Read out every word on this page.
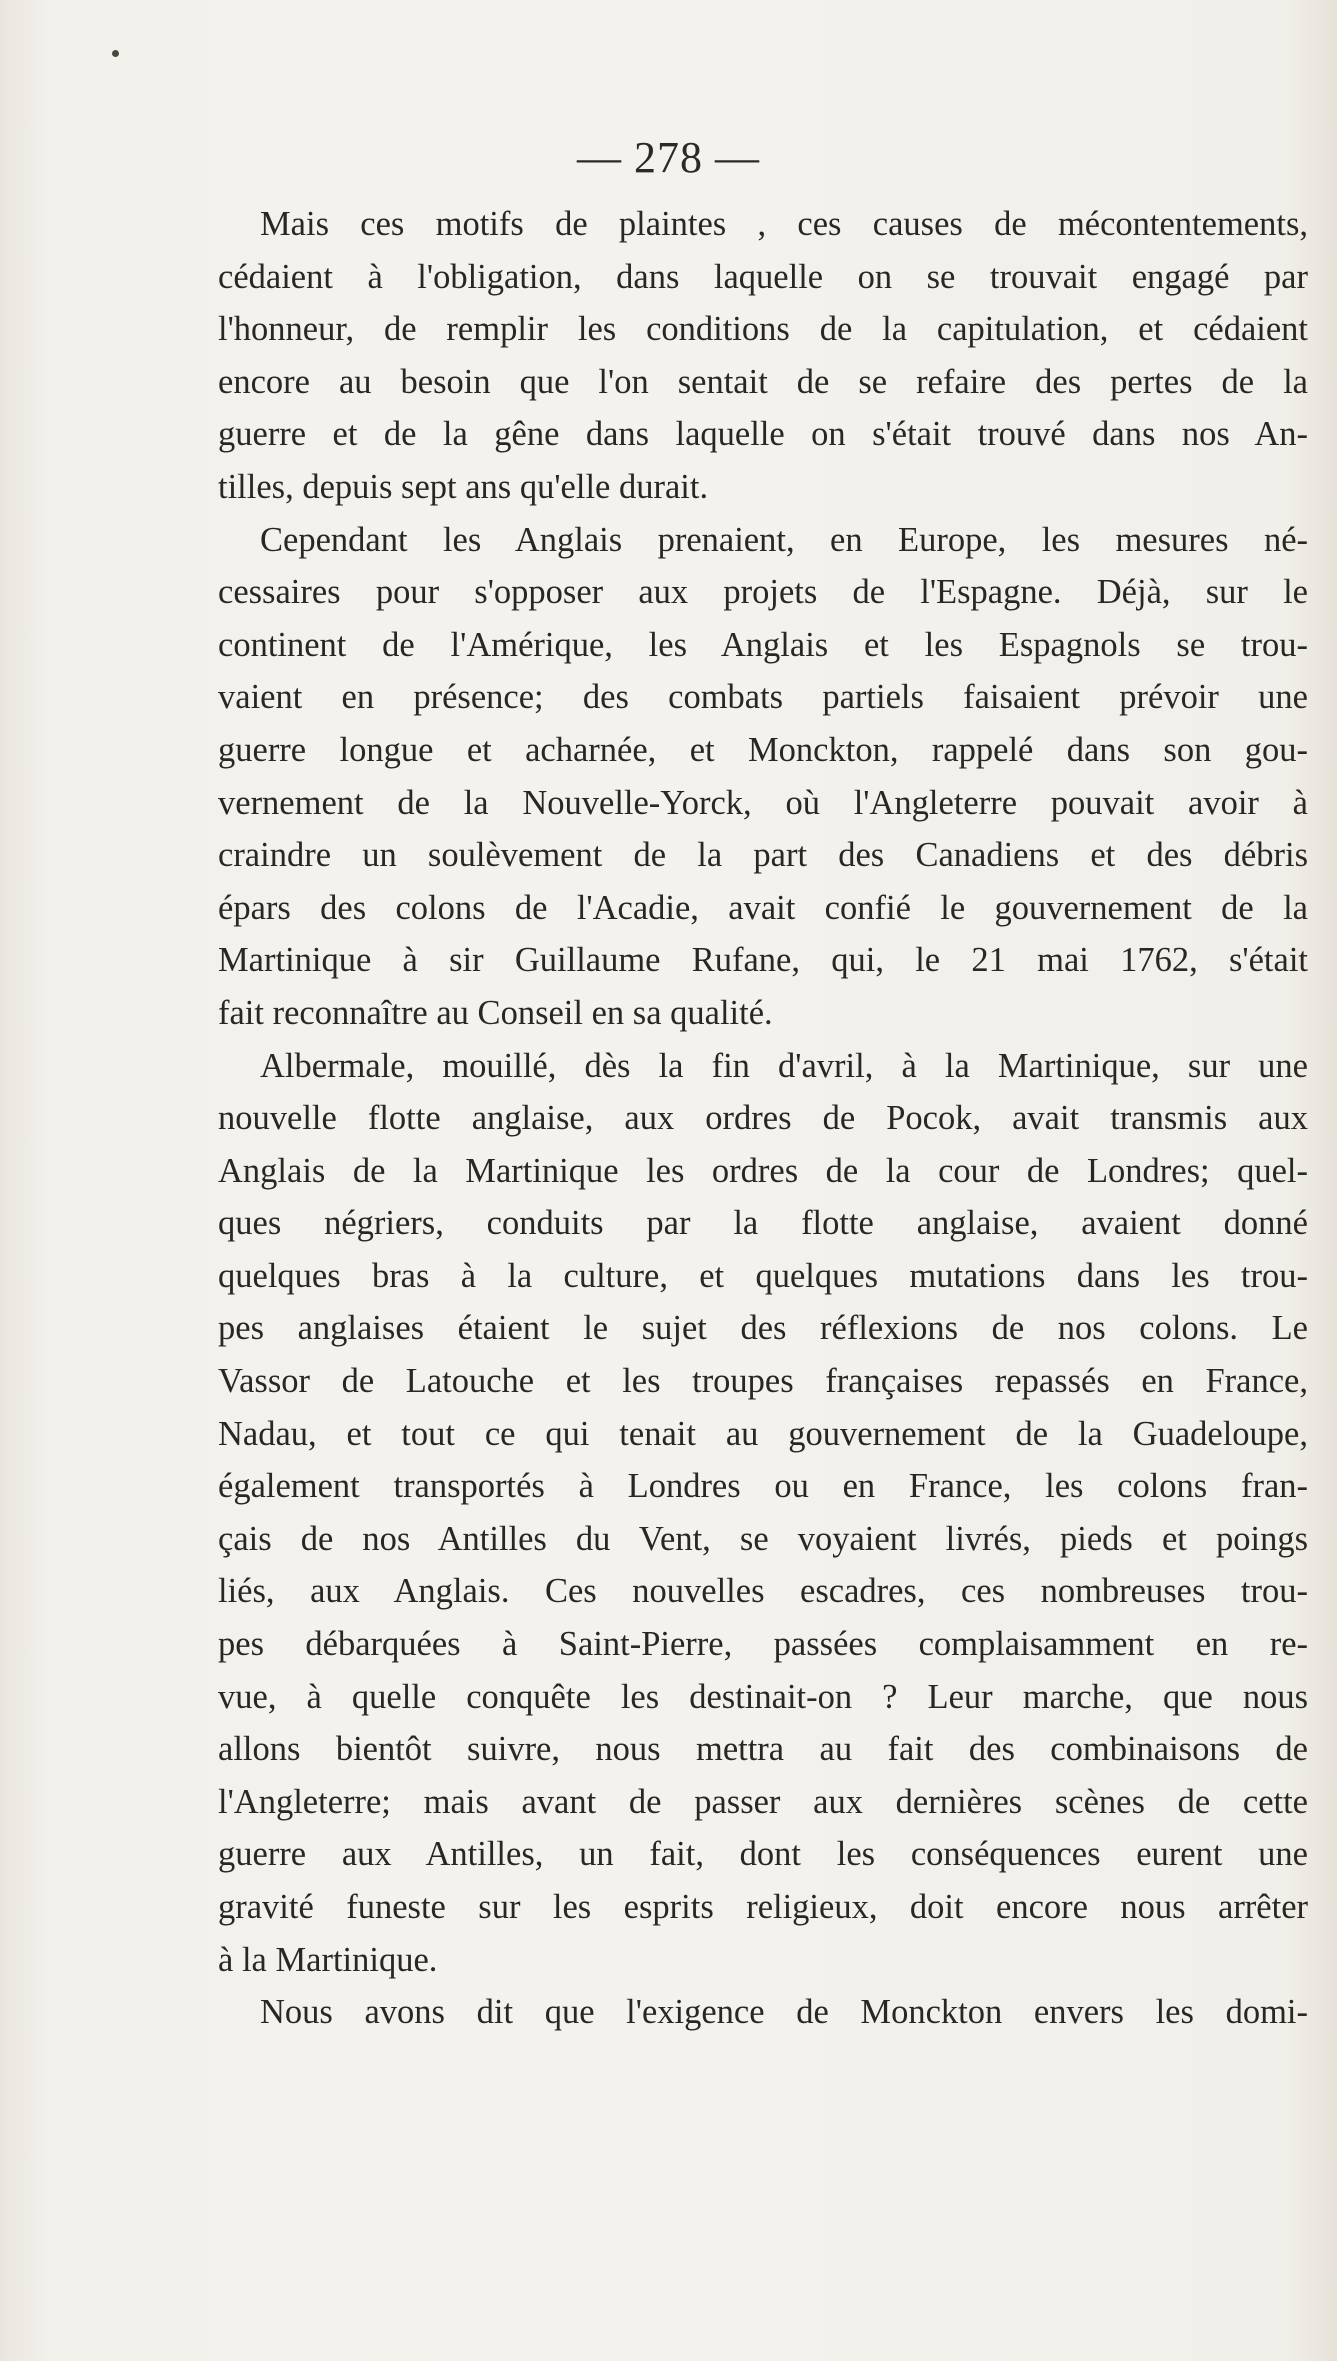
— 278 —
Mais ces motifs de plaintes , ces causes de mécontentements,
cédaient à l'obligation, dans laquelle on se trouvait engagé par
l'honneur, de remplir les conditions de la capitulation, et cédaient
encore au besoin que l'on sentait de se refaire des pertes de la
guerre et de la gêne dans laquelle on s'était trouvé dans nos An-
tilles, depuis sept ans qu'elle durait.
Cependant les Anglais prenaient, en Europe, les mesures né-
cessaires pour s'opposer aux projets de l'Espagne. Déjà, sur le
continent de l'Amérique, les Anglais et les Espagnols se trou-
vaient en présence; des combats partiels faisaient prévoir une
guerre longue et acharnée, et Monckton, rappelé dans son gou-
vernement de la Nouvelle-Yorck, où l'Angleterre pouvait avoir à
craindre un soulèvement de la part des Canadiens et des débris
épars des colons de l'Acadie, avait confié le gouvernement de la
Martinique à sir Guillaume Rufane, qui, le 21 mai 1762, s'était
fait reconnaître au Conseil en sa qualité.
Albermale, mouillé, dès la fin d'avril, à la Martinique, sur une
nouvelle flotte anglaise, aux ordres de Pocok, avait transmis aux
Anglais de la Martinique les ordres de la cour de Londres; quel-
ques négriers, conduits par la flotte anglaise, avaient donné
quelques bras à la culture, et quelques mutations dans les trou-
pes anglaises étaient le sujet des réflexions de nos colons. Le
Vassor de Latouche et les troupes françaises repassés en France,
Nadau, et tout ce qui tenait au gouvernement de la Guadeloupe,
également transportés à Londres ou en France, les colons fran-
çais de nos Antilles du Vent, se voyaient livrés, pieds et poings
liés, aux Anglais. Ces nouvelles escadres, ces nombreuses trou-
pes débarquées à Saint-Pierre, passées complaisamment en re-
vue, à quelle conquête les destinait-on ? Leur marche, que nous
allons bientôt suivre, nous mettra au fait des combinaisons de
l'Angleterre; mais avant de passer aux dernières scènes de cette
guerre aux Antilles, un fait, dont les conséquences eurent une
gravité funeste sur les esprits religieux, doit encore nous arrêter
à la Martinique.
Nous avons dit que l'exigence de Monckton envers les domi-
